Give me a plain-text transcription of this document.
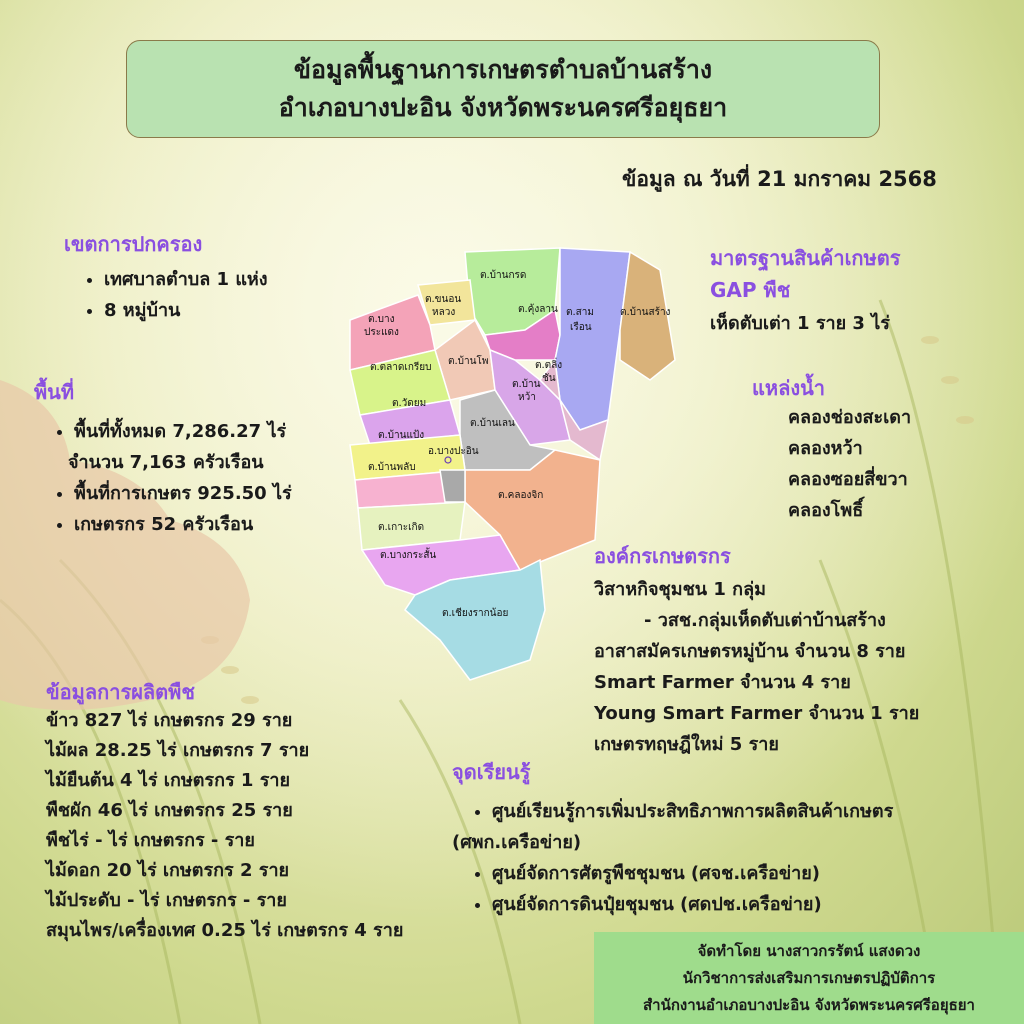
ข้อมูลพื้นฐานการเกษตรตำบลบ้านสร้าง
อำเภอบางปะอิน จังหวัดพระนครศรีอยุธยา
ข้อมูล ณ วันที่ 21 มกราคม 2568
เขตการปกครอง
• เทศบาลตำบล 1 แห่ง
• 8 หมู่บ้าน
พื้นที่
• พื้นที่ทั้งหมด 7,286.27 ไร่
จำนวน 7,163 ครัวเรือน
• พื้นที่การเกษตร 925.50 ไร่
• เกษตรกร 52 ครัวเรือน
ข้อมูลการผลิตพืช
ข้าว 827 ไร่ เกษตรกร 29 ราย
ไม้ผล 28.25 ไร่ เกษตรกร 7 ราย
ไม้ยืนต้น 4 ไร่ เกษตรกร 1 ราย
พืชผัก 46 ไร่ เกษตรกร 25 ราย
พืชไร่ - ไร่ เกษตรกร - ราย
ไม้ดอก 20 ไร่ เกษตรกร 2 ราย
ไม้ประดับ - ไร่ เกษตรกร - ราย
สมุนไพร/เครื่องเทศ 0.25 ไร่ เกษตรกร 4 ราย
มาตรฐานสินค้าเกษตร
GAP พืช
เห็ดตับเต่า 1 ราย 3 ไร่
แหล่งน้ำ
คลองช่องสะเดา
คลองหว้า
คลองซอยสี่ขวา
คลองโพธิ์
องค์กรเกษตรกร
วิสาหกิจชุมชน 1 กลุ่ม
- วสช.กลุ่มเห็ดตับเต่าบ้านสร้าง
อาสาสมัครเกษตรหมู่บ้าน จำนวน 8 ราย
Smart Farmer จำนวน 4 ราย
Young Smart Farmer จำนวน 1 ราย
เกษตรทฤษฎีใหม่ 5 ราย
จุดเรียนรู้
• ศูนย์เรียนรู้การเพิ่มประสิทธิภาพการผลิตสินค้าเกษตร
(ศพก.เครือข่าย)
• ศูนย์จัดการศัตรูพืชชุมชน (ศจช.เครือข่าย)
• ศูนย์จัดการดินปุ๋ยชุมชน (ศดปช.เครือข่าย)
จัดทำโดย นางสาวกรรัตน์ แสงดวง
นักวิชาการส่งเสริมการเกษตรปฏิบัติการ
สำนักงานอำเภอบางปะอิน จังหวัดพระนครศรีอยุธยา
ต.บ้านกรด
ต.ขนอน
หลวง	ต.คุ้งลาน ต.สาม
เรือน
ต.บ้านสร้าง
ต.บาง
ประแดง
ต.บ้านโพ
ต.ตลาดเกรียบ	ต.ตลิ่ง
ชัน
ต.บ้าน
หว้า
ต.วัดยม
ต.บ้านเลน
ต.บ้านแป้ง
อ.บางปะอิน
ต.บ้านพลับ
ต.คลองจิก
ต.เกาะเกิด
ต.บางกระสั้น
ต.เชียงรากน้อย
